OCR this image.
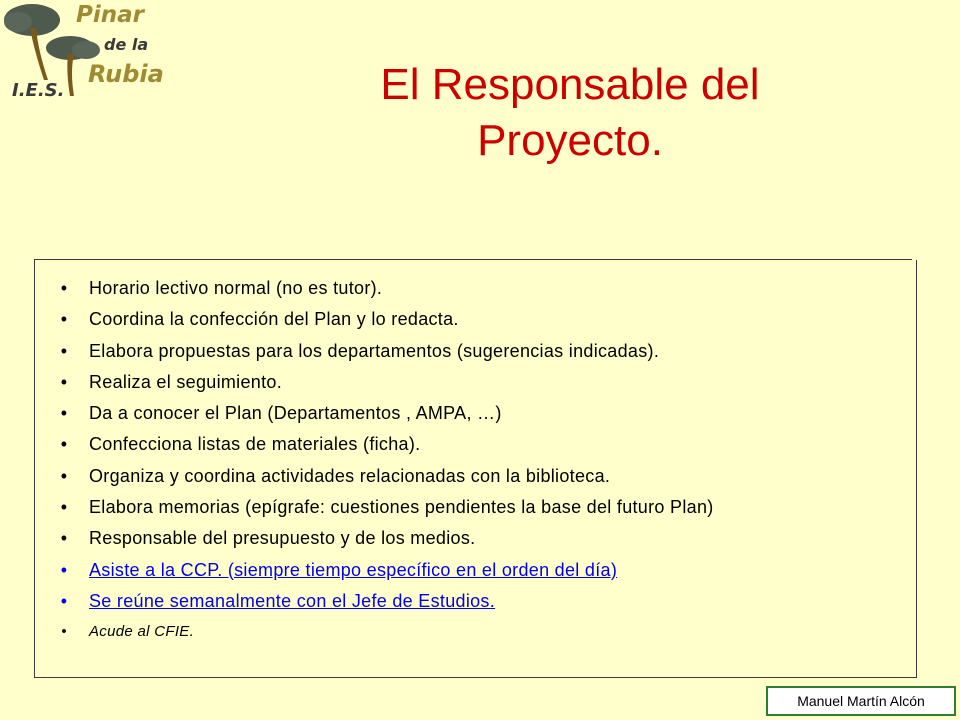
Pinar
de la
Rubia
I.E.S.	El Responsable del
Proyecto.
• Horario lectivo normal (no es tutor).
• Coordina la confección del Plan y lo redacta.
• Elabora propuestas para los departamentos (sugerencias indicadas).
• Realiza el seguimiento.
• Da a conocer el Plan (Departamentos , AMPA, …)
• Confecciona listas de materiales (ficha).
• Organiza y coordina actividades relacionadas con la biblioteca.
• Elabora memorias (epígrafe: cuestiones pendientes la base del futuro Plan)
• Responsable del presupuesto y de los medios.
• Asiste a la CCP. (siempre tiempo específico en el orden del día)
• Se reúne semanalmente con el Jefe de Estudios.
• Acude al CFIE.
Manuel Martín Alcón
